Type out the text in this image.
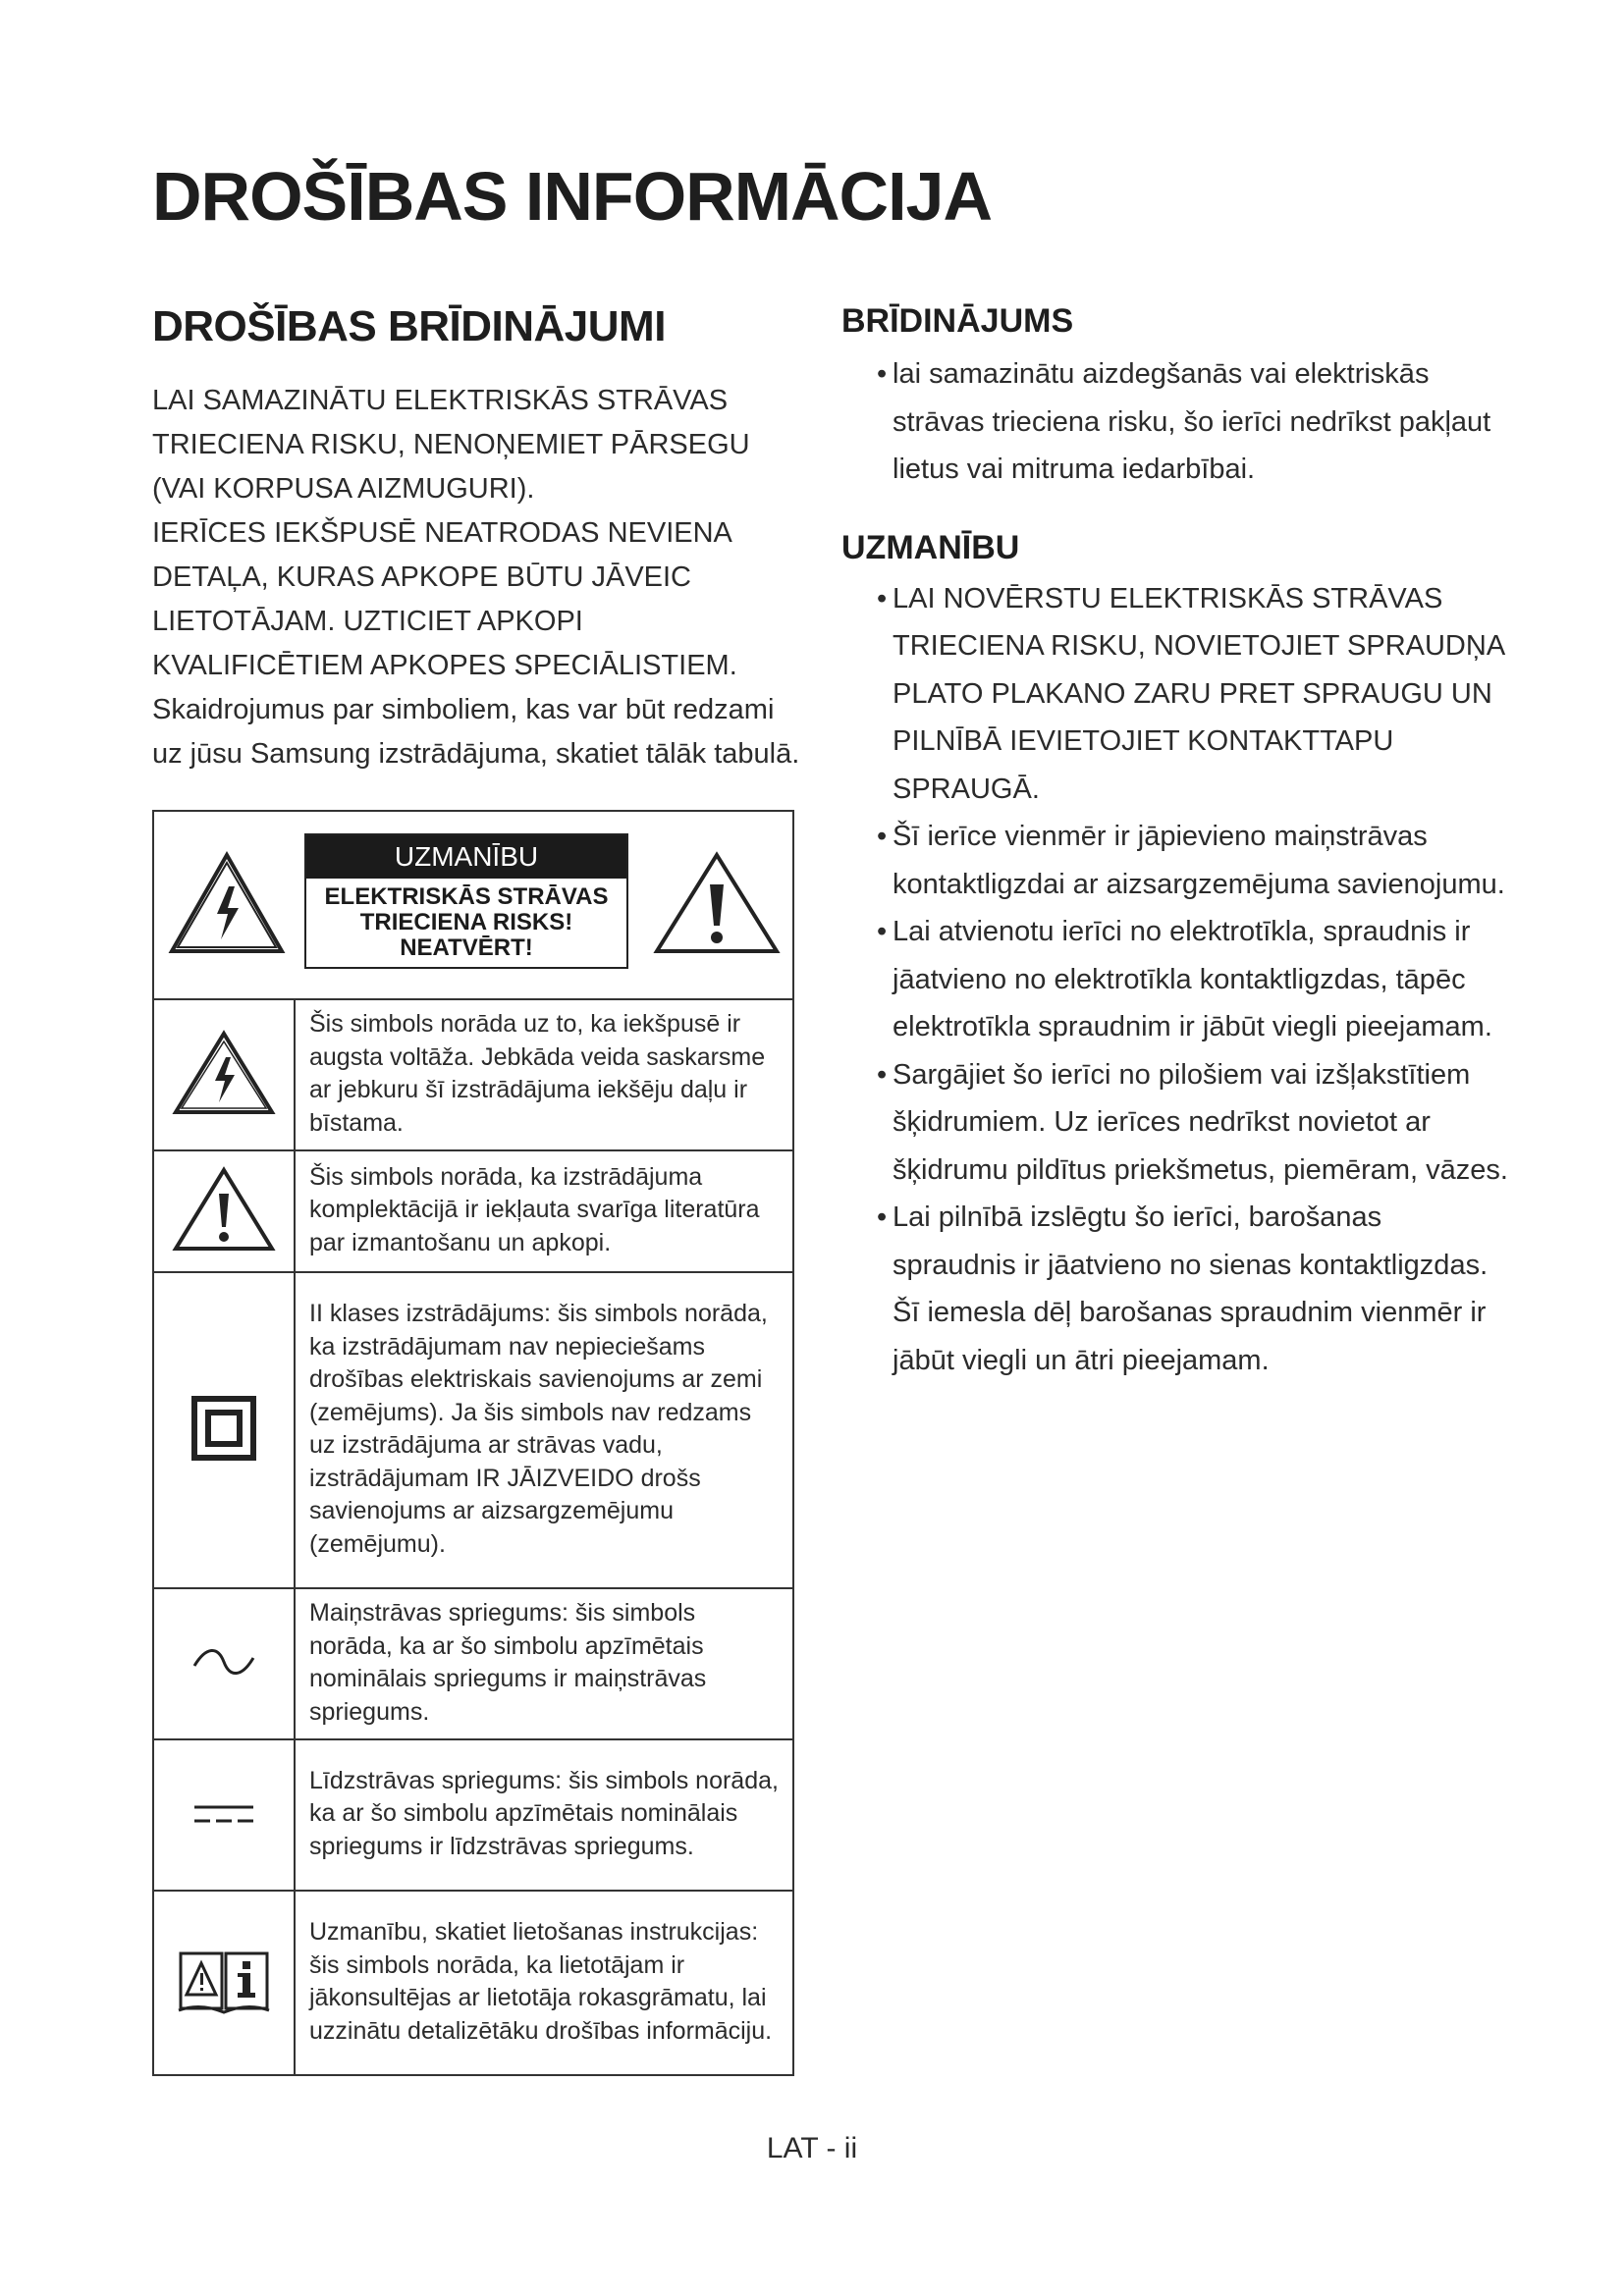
DROŠĪBAS INFORMĀCIJA
DROŠĪBAS BRĪDINĀJUMI

LAI SAMAZINĀTU ELEKTRISKĀS STRĀVAS TRIECIENA RISKU, NENOŅEMIET PĀRSEGU (VAI KORPUSA AIZMUGURI).

IERĪCES IEKŠPUSĒ NEATRODAS NEVIENA DETAĻA, KURAS APKOPE BŪTU JĀVEIC LIETOTĀJAM. UZTICIET APKOPI KVALIFICĒTIEM APKOPES SPECIĀLISTIEM.

Skaidrojumus par simboliem, kas var būt redzami uz jūsu Samsung izstrādājuma, skatiet tālāk tabulā.

UZMANĪBU
ELEKTRISKĀS STRĀVAS
TRIECIENA RISKS!
NEATVĒRT!	

Šis simbols norāda uz to, ka iekšpusē ir augsta voltāža. Jebkāda veida saskarsme ar jebkuru šī izstrādājuma iekšēju daļu ir bīstama.

Šis simbols norāda, ka izstrādājuma komplektācijā ir iekļauta svarīga literatūra par izmantošanu un apkopi.

II klases izstrādājums: šis simbols norāda, ka izstrādājumam nav nepieciešams drošības elektriskais savienojums ar zemi (zemējums). Ja šis simbols nav redzams uz izstrādājuma ar strāvas vadu, izstrādājumam IR JĀIZVEIDO drošs savienojums ar aizsargzemējumu (zemējumu).

Maiņstrāvas spriegums: šis simbols norāda, ka ar šo simbolu apzīmētais nominālais spriegums ir maiņstrāvas spriegums.

Līdzstrāvas spriegums: šis simbols norāda, ka ar šo simbolu apzīmētais nominālais spriegums ir līdzstrāvas spriegums.

Uzmanību, skatiet lietošanas instrukcijas: šis simbols norāda, ka lietotājam ir jākonsultējas ar lietotāja rokasgrāmatu, lai uzzinātu detalizētāku drošības informāciju.

BRĪDINĀJUMS
• lai samazinātu aizdegšanās vai elektriskās strāvas trieciena risku, šo ierīci nedrīkst pakļaut lietus vai mitruma iedarbībai.
UZMANĪBU
• LAI NOVĒRSTU ELEKTRISKĀS STRĀVAS TRIECIENA RISKU, NOVIETOJIET SPRAUDŅA PLATO PLAKANO ZARU PRET SPRAUGU UN PILNĪBĀ IEVIETOJIET KONTAKTTAPU SPRAUGĀ.
• Šī ierīce vienmēr ir jāpievieno maiņstrāvas kontaktligzdai ar aizsargzemējuma savienojumu.
• Lai atvienotu ierīci no elektrotīkla, spraudnis ir jāatvieno no elektrotīkla kontaktligzdas, tāpēc elektrotīkla spraudnim ir jābūt viegli pieejamam.
• Sargājiet šo ierīci no pilošiem vai izšļakstītiem šķidrumiem. Uz ierīces nedrīkst novietot ar šķidrumu pildītus priekšmetus, piemēram, vāzes.
• Lai pilnībā izslēgtu šo ierīci, barošanas spraudnis ir jāatvieno no sienas kontaktligzdas. Šī iemesla dēļ barošanas spraudnim vienmēr ir jābūt viegli un ātri pieejamam.
LAT - ii
